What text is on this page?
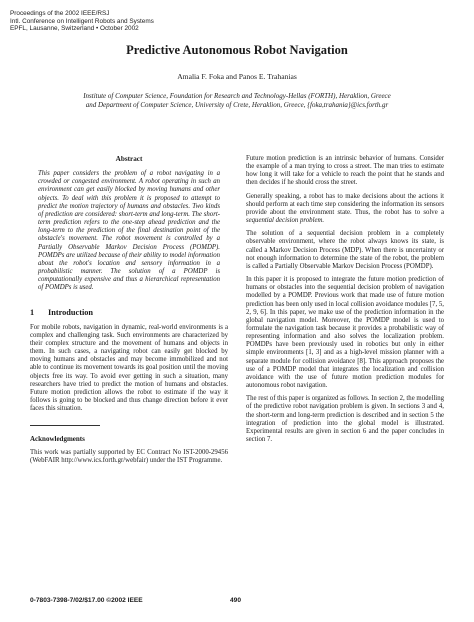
Proceedings of the 2002 IEEE/RSJ
Intl. Conference on Intelligent Robots and Systems
EPFL, Lausanne, Switzerland • October 2002
Predictive Autonomous Robot Navigation
Amalia F. Foka and Panos E. Trahanias
Institute of Computer Science, Foundation for Research and Technology-Hellas (FORTH), Heraklion, Greece
and Department of Computer Science, University of Crete, Heraklion, Greece, {foka,trahania}@ics.forth.gr
Abstract
This paper considers the problem of a robot navigating in a crowded or congested environment. A robot operating in such an environment can get easily blocked by moving humans and other objects. To deal with this problem it is proposed to attempt to predict the motion trajectory of humans and obstacles. Two kinds of prediction are considered: short-term and long-term. The short-term prediction refers to the one-step ahead prediction and the long-term to the prediction of the final destination point of the obstacle's movement. The robot movement is controlled by a Partially Observable Markov Decision Process (POMDP). POMDPs are utilized because of their ability to model information about the robot's location and sensory information in a probabilistic manner. The solution of a POMDP is computationally expensive and thus a hierarchical representation of POMDPs is used.
1 Introduction

For mobile robots, navigation in dynamic, real-world environments is a complex and challenging task. Such environments are characterized by their complex structure and the movement of humans and objects in them. In such cases, a navigating robot can easily get blocked by moving humans and obstacles and may become immobilized and not able to continue its movement towards its goal position until the moving objects free its way. To avoid ever getting in such a situation, many researchers have tried to predict the motion of humans and obstacles. Future motion prediction allows the robot to estimate if the way it follows is going to be blocked and thus change direction before it ever faces this situation.

Acknowledgments
This work was partially supported by EC Contract No IST-2000-29456 (WebFAIR http://www.ics.forth.gr/webfair) under the IST Programme.

Future motion prediction is an intrinsic behavior of humans. Consider the example of a man trying to cross a street. The man tries to estimate how long it will take for a vehicle to reach the point that he stands and then decides if he should cross the street.

Generally speaking, a robot has to make decisions about the actions it should perform at each time step considering the information its sensors provide about the environment state. Thus, the robot has to solve a sequential decision problem.

The solution of a sequential decision problem in a completely observable environment, where the robot always knows its state, is called a Markov Decision Process (MDP). When there is uncertainty or not enough information to determine the state of the robot, the problem is called a Partially Observable Markov Decision Process (POMDP).

In this paper it is proposed to integrate the future motion prediction of humans or obstacles into the sequential decision problem of navigation modelled by a POMDP. Previous work that made use of future motion prediction has been only used in local collision avoidance modules [7, 5, 2, 9, 6]. In this paper, we make use of the prediction information in the global navigation model. Moreover, the POMDP model is used to formulate the navigation task because it provides a probabilistic way of representing information and also solves the localization problem. POMDPs have been previously used in robotics but only in either simple environments [1, 3] and as a high-level mission planner with a separate module for collision avoidance [8]. This approach proposes the use of a POMDP model that integrates the localization and collision avoidance with the use of future motion prediction modules for autonomous robot navigation.

The rest of this paper is organized as follows. In section 2, the modelling of the predictive robot navigation problem is given. In sections 3 and 4, the short-term and long-term prediction is described and in section 5 the integration of prediction into the global model is illustrated. Experimental results are given in section 6 and the paper concludes in section 7.

0-7803-7398-7/02/$17.00 ©2002 IEEE	490
